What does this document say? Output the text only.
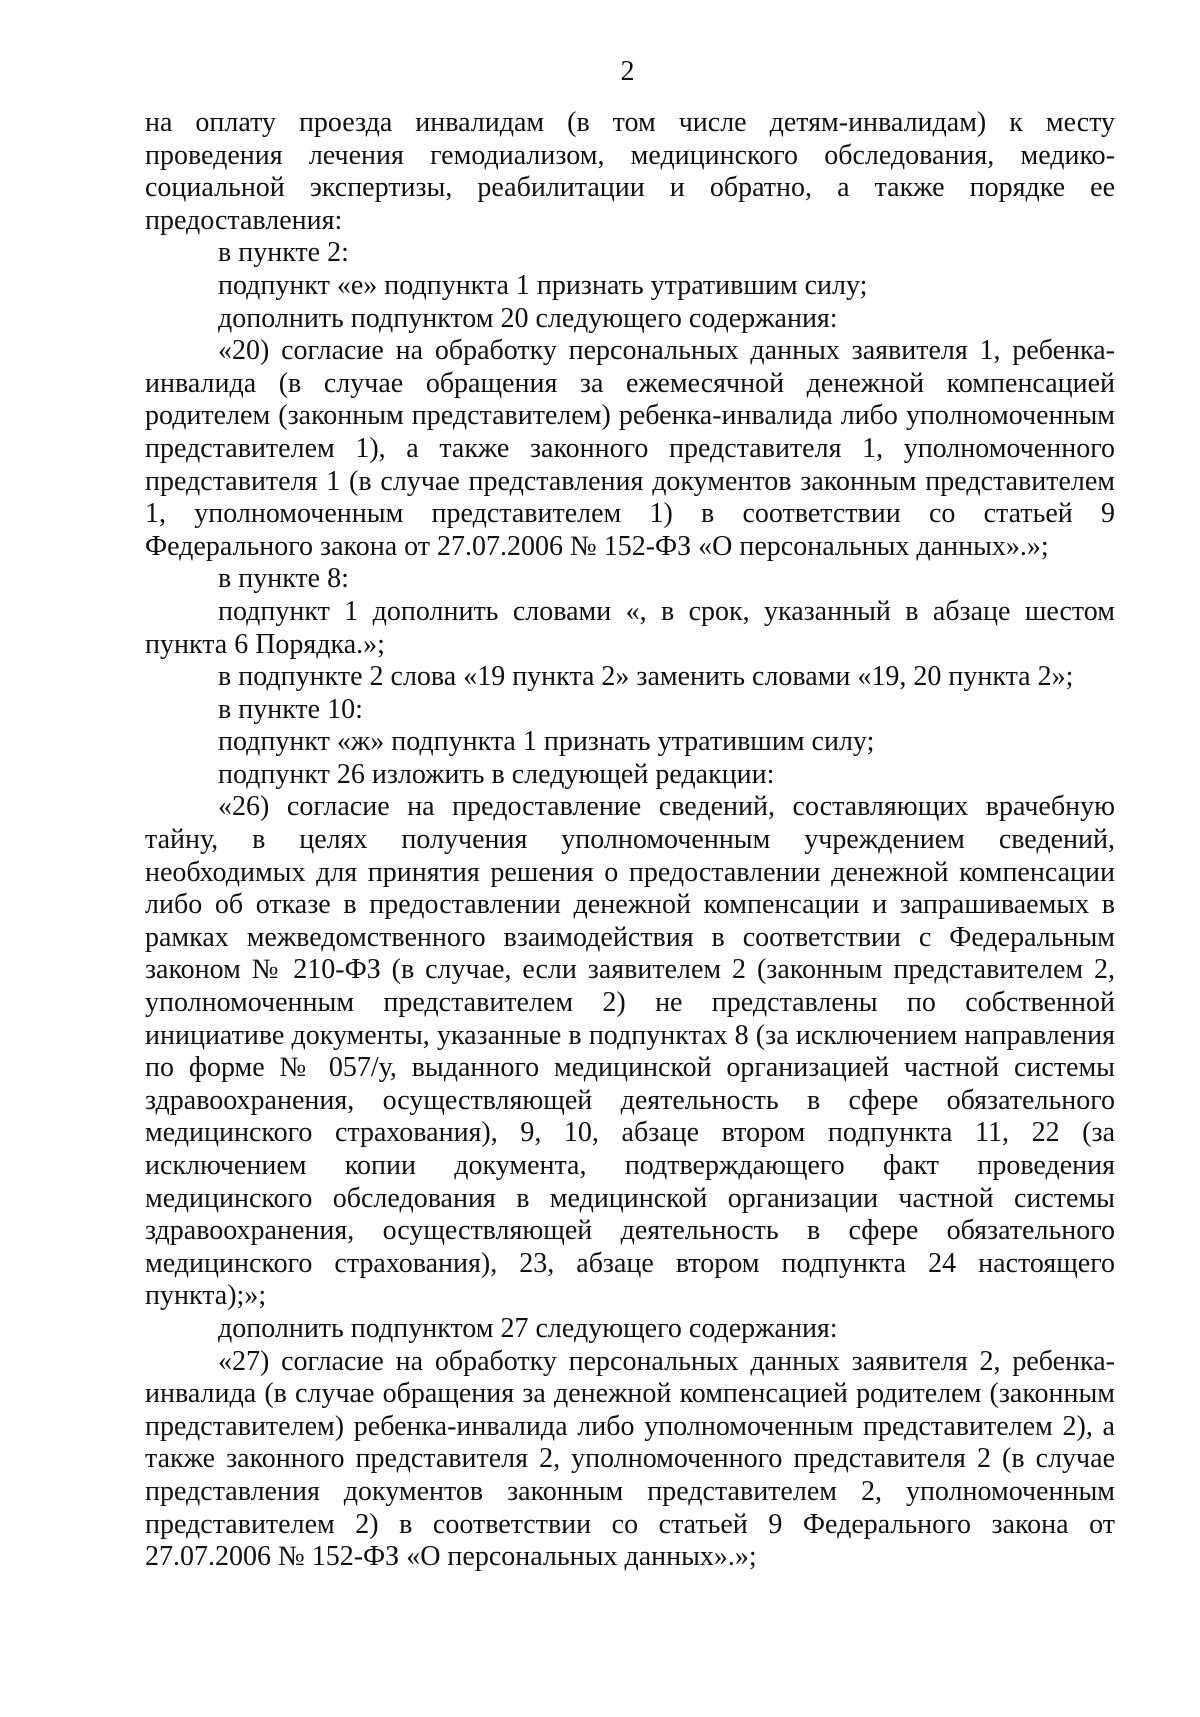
2

на оплату проезда инвалидам (в том числе детям-инвалидам) к месту проведения лечения гемодиализом, медицинского обследования, медико-социальной экспертизы, реабилитации и обратно, а также порядке ее предоставления:

в пункте 2:

подпункт «е» подпункта 1 признать утратившим силу;

дополнить подпунктом 20 следующего содержания:

«20) согласие на обработку персональных данных заявителя 1, ребенка-инвалида (в случае обращения за ежемесячной денежной компенсацией родителем (законным представителем) ребенка-инвалида либо уполномоченным представителем 1), а также законного представителя 1, уполномоченного представителя 1 (в случае представления документов законным представителем 1, уполномоченным представителем 1) в соответствии со статьей 9 Федерального закона от 27.07.2006 № 152-ФЗ «О персональных данных».»;

в пункте 8:

подпункт 1 дополнить словами «, в срок, указанный в абзаце шестом пункта 6 Порядка.»;

в подпункте 2 слова «19 пункта 2» заменить словами «19, 20 пункта 2»;

в пункте 10:

подпункт «ж» подпункта 1 признать утратившим силу;

подпункт 26 изложить в следующей редакции:

«26) согласие на предоставление сведений, составляющих врачебную тайну, в целях получения уполномоченным учреждением сведений, необходимых для принятия решения о предоставлении денежной компенсации либо об отказе в предоставлении денежной компенсации и запрашиваемых в рамках межведомственного взаимодействия в соответствии с Федеральным законом № 210-ФЗ (в случае, если заявителем 2 (законным представителем 2, уполномоченным представителем 2) не представлены по собственной инициативе документы, указанные в подпунктах 8 (за исключением направления по форме № 057/у, выданного медицинской организацией частной системы здравоохранения, осуществляющей деятельность в сфере обязательного медицинского страхования), 9, 10, абзаце втором подпункта 11, 22 (за исключением копии документа, подтверждающего факт проведения медицинского обследования в медицинской организации частной системы здравоохранения, осуществляющей деятельность в сфере обязательного медицинского страхования), 23, абзаце втором подпункта 24 настоящего пункта);»;

дополнить подпунктом 27 следующего содержания:

«27) согласие на обработку персональных данных заявителя 2, ребенка-инвалида (в случае обращения за денежной компенсацией родителем (законным представителем) ребенка-инвалида либо уполномоченным представителем 2), а также законного представителя 2, уполномоченного представителя 2 (в случае представления документов законным представителем 2, уполномоченным представителем 2) в соответствии со статьей 9 Федерального закона от 27.07.2006 № 152-ФЗ «О персональных данных».»;
